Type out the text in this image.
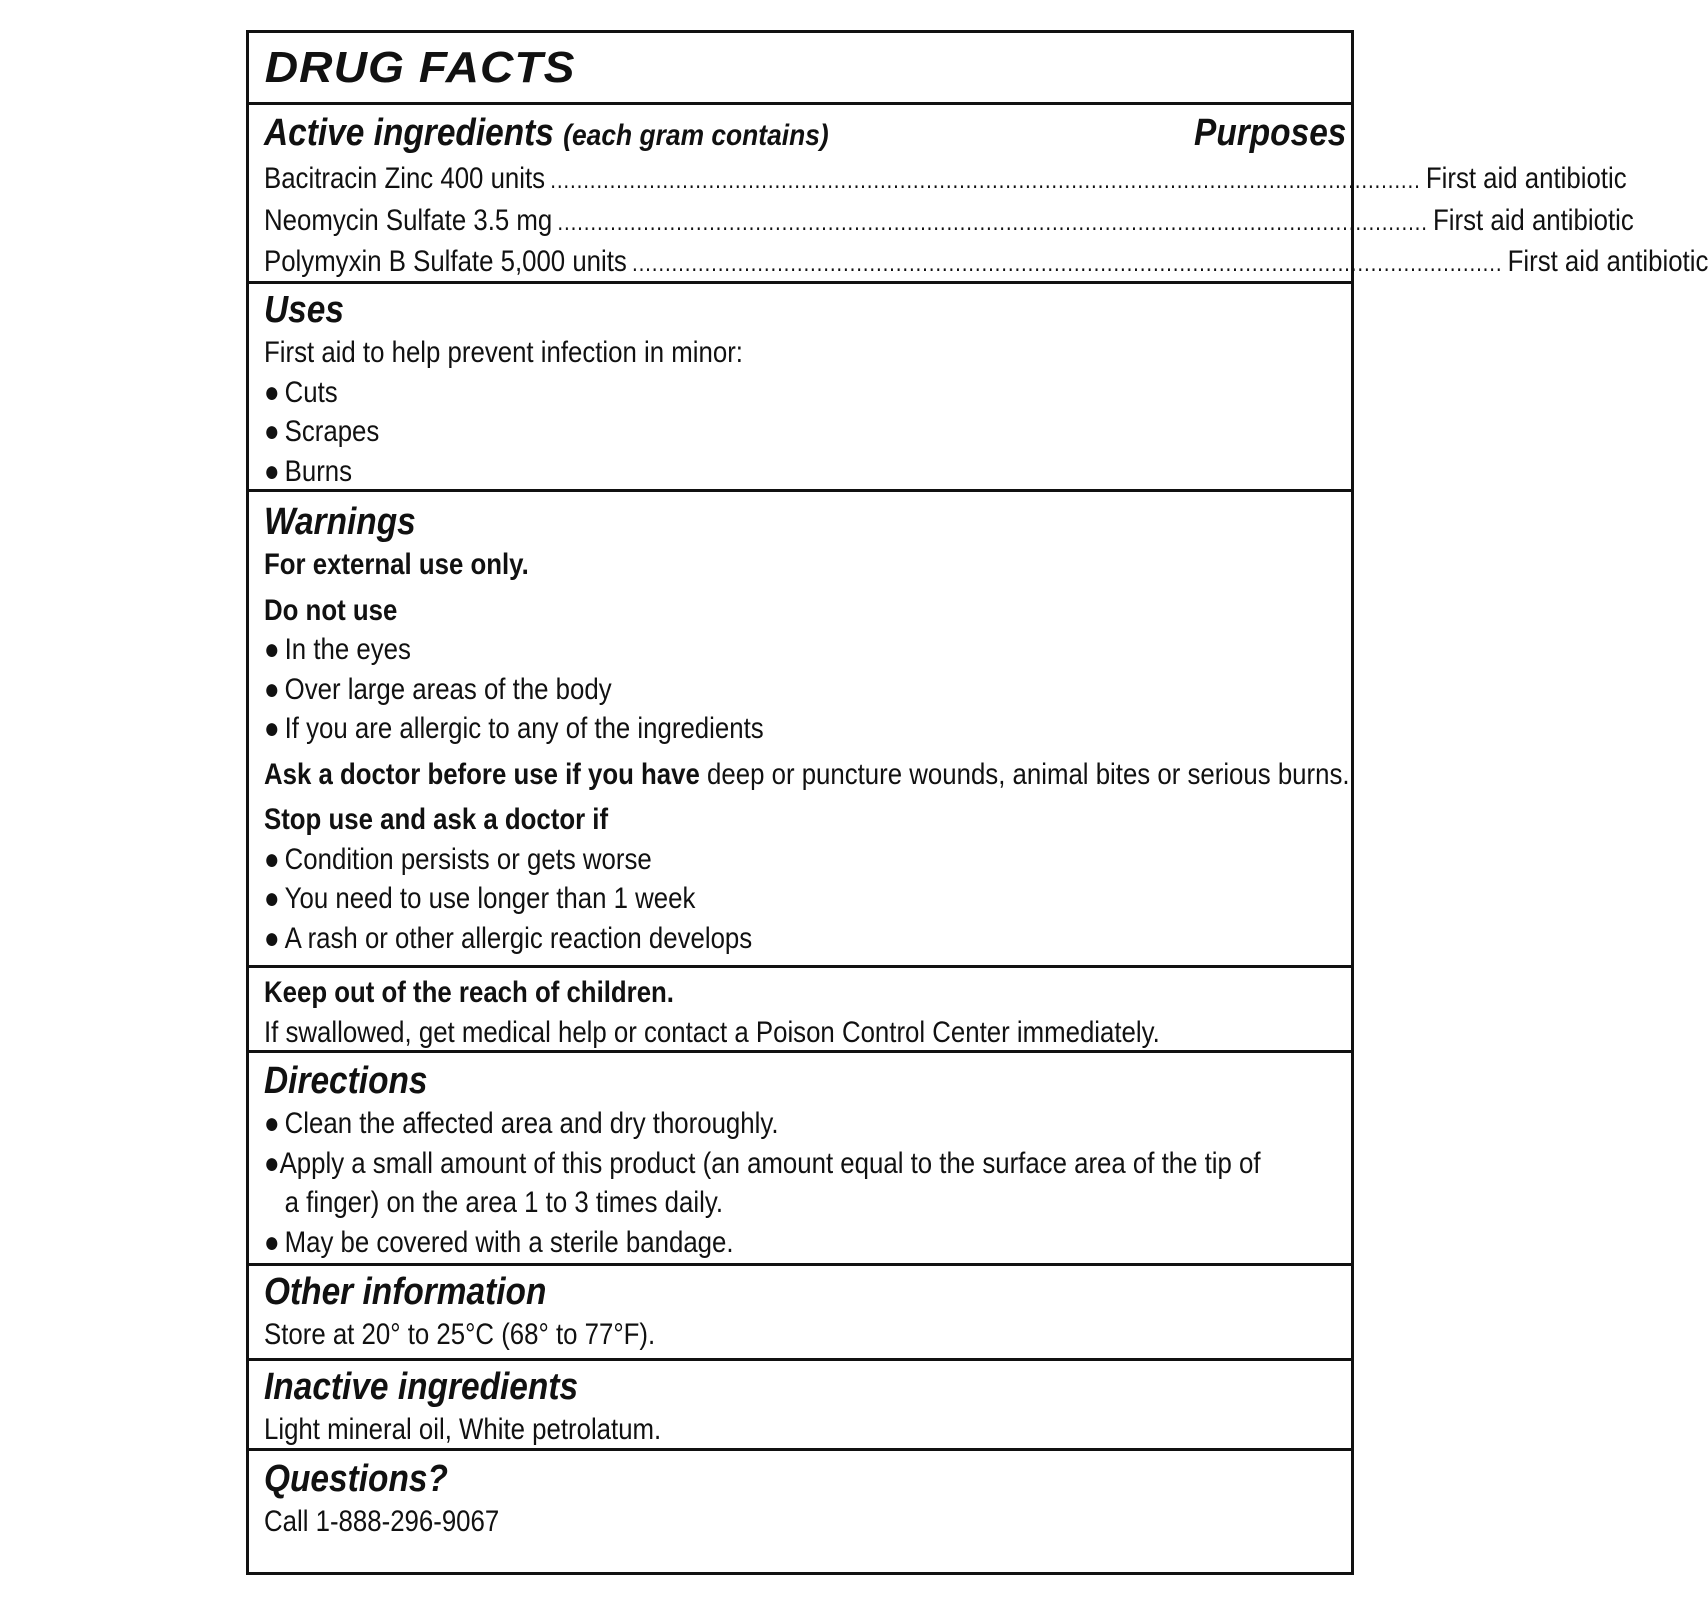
DRUG FACTS
Active ingredients (each gram contains)	Purposes
Bacitracin Zinc 400 units .................................................................................................................................... First aid antibiotic
Neomycin Sulfate 3.5 mg .................................................................................................................................... First aid antibiotic
Polymyxin B Sulfate 5,000 units .................................................................................................................................... First aid antibiotic
Uses
First aid to help prevent infection in minor:
● Cuts
● Scrapes
● Burns
Warnings
For external use only.
Do not use
● In the eyes
● Over large areas of the body
● If you are allergic to any of the ingredients
Ask a doctor before use if you have deep or puncture wounds, animal bites or serious burns.
Stop use and ask a doctor if
● Condition persists or gets worse
● You need to use longer than 1 week
● A rash or other allergic reaction develops
Keep out of the reach of children.
If swallowed, get medical help or contact a Poison Control Center immediately.
Directions
● Clean the affected area and dry thoroughly.
● Apply a small amount of this product (an amount equal to the surface area of the tip of
a finger) on the area 1 to 3 times daily.
● May be covered with a sterile bandage.
Other information
Store at 20° to 25°C (68° to 77°F).
Inactive ingredients
Light mineral oil, White petrolatum.
Questions?
Call 1-888-296-9067
